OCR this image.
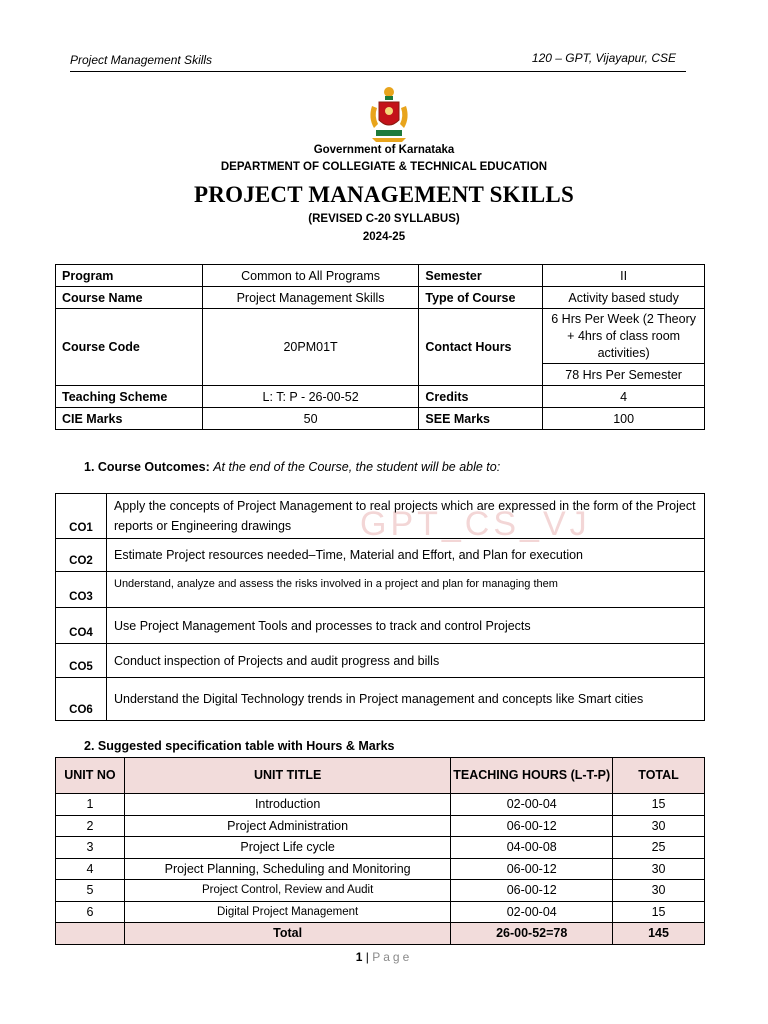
Project Management Skills	120 – GPT, Vijayapur, CSE
Government of Karnataka
DEPARTMENT OF COLLEGIATE & TECHNICAL EDUCATION
PROJECT MANAGEMENT SKILLS
(REVISED C-20 SYLLABUS)
2024-25
Program	Common to All Programs	Semester	II
Course Name	Project Management Skills	Type of Course	Activity based study
Course Code	20PM01T	Contact Hours	6 Hrs Per Week (2 Theory + 4hrs of class room activities)
			78 Hrs Per Semester
Teaching Scheme	L: T: P - 26-00-52	Credits	4
CIE Marks	50	SEE Marks	100
1. Course Outcomes: At the end of the Course, the student will be able to:
GPT_CS_VJ
CO1	Apply the concepts of Project Management to real projects which are expressed in the form of the Project reports or Engineering drawings
CO2	Estimate Project resources needed–Time, Material and Effort, and Plan for execution
CO3	Understand, analyze and assess the risks involved in a project and plan for managing them
CO4	Use Project Management Tools and processes to track and control Projects
CO5	Conduct inspection of Projects and audit progress and bills
CO6	Understand the Digital Technology trends in Project management and concepts like Smart cities
2. Suggested specification table with Hours & Marks
UNIT NO	UNIT TITLE	TEACHING HOURS (L-T-P)	TOTAL
1	Introduction	02-00-04	15
2	Project Administration	06-00-12	30
3	Project Life cycle	04-00-08	25
4	Project Planning, Scheduling and Monitoring	06-00-12	30
5	Project Control, Review and Audit	06-00-12	30
6	Digital Project Management	02-00-04	15
	Total	26-00-52=78	145
1 | Page
